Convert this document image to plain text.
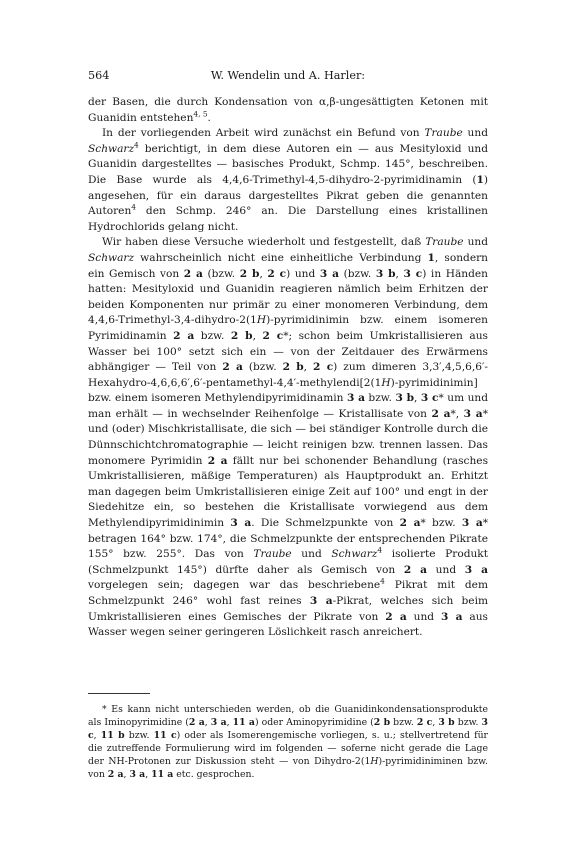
564	W. Wendelin und A. Harler:

der Basen, die durch Kondensation von α,β-ungesättigten Ketonen mit Guanidin entstehen$^{4, 5}$.

In der vorliegenden Arbeit wird zunächst ein Befund von Traube und Schwarz$^4$ berichtigt, in dem diese Autoren ein — aus Mesityloxid und Guanidin dargestelltes — basisches Produkt, Schmp. 145°, beschreiben. Die Base wurde als 4,4,6-Trimethyl-4,5-dihydro-2-pyrimidinamin (1) angesehen, für ein daraus dargestelltes Pikrat geben die genannten Autoren$^4$ den Schmp. 246° an. Die Darstellung eines kristallinen Hydrochlorids gelang nicht.

Wir haben diese Versuche wiederholt und festgestellt, daß Traube und Schwarz wahrscheinlich nicht eine einheitliche Verbindung 1, sondern ein Gemisch von 2 a (bzw. 2 b, 2 c) und 3 a (bzw. 3 b, 3 c) in Händen hatten: Mesityloxid und Guanidin reagieren nämlich beim Erhitzen der beiden Komponenten nur primär zu einer monomeren Verbindung, dem 4,4,6-Trimethyl-3,4-dihydro-2(1H)-pyrimidinimin bzw. einem isomeren Pyrimidinamin 2 a bzw. 2 b, 2 c*; schon beim Umkristallisieren aus Wasser bei 100° setzt sich ein — von der Zeitdauer des Erwärmens abhängiger — Teil von 2 a (bzw. 2 b, 2 c) zum dimeren 3,3′,4,5,6,6′-Hexahydro-4,6,6,6′,6′-pentamethyl-4,4′-methylendi[2(1H)-pyrimidinimin] bzw. einem isomeren Methylendipyrimidinamin 3 a bzw. 3 b, 3 c* um und man erhält — in wechselnder Reihenfolge — Kristallisate von 2 a*, 3 a* und (oder) Mischkristallisate, die sich — bei ständiger Kontrolle durch die Dünnschichtchromatographie — leicht reinigen bzw. trennen lassen. Das monomere Pyrimidin 2 a fällt nur bei schonender Behandlung (rasches Umkristallisieren, mäßige Temperaturen) als Hauptprodukt an. Erhitzt man dagegen beim Umkristallisieren einige Zeit auf 100° und engt in der Siedehitze ein, so bestehen die Kristallisate vorwiegend aus dem Methylendipyrimidinimin 3 a. Die Schmelzpunkte von 2 a* bzw. 3 a* betragen 164° bzw. 174°, die Schmelzpunkte der entsprechenden Pikrate 155° bzw. 255°. Das von Traube und Schwarz$^4$ isolierte Produkt (Schmelzpunkt 145°) dürfte daher als Gemisch von 2 a und 3 a vorgelegen sein; dagegen war das beschriebene$^4$ Pikrat mit dem Schmelzpunkt 246° wohl fast reines 3 a-Pikrat, welches sich beim Umkristallisieren eines Gemisches der Pikrate von 2 a und 3 a aus Wasser wegen seiner geringeren Löslichkeit rasch anreichert.

* Es kann nicht unterschieden werden, ob die Guanidinkondensationsprodukte als Iminopyrimidine (2 a, 3 a, 11 a) oder Aminopyrimidine (2 b bzw. 2 c, 3 b bzw. 3 c, 11 b bzw. 11 c) oder als Isomerengemische vorliegen, s. u.; stellvertretend für die zutreffende Formulierung wird im folgenden — soferne nicht gerade die Lage der NH-Protonen zur Diskussion steht — von Dihydro-2(1H)-pyrimidiniminen bzw. von 2 a, 3 a, 11 a etc. gesprochen.
